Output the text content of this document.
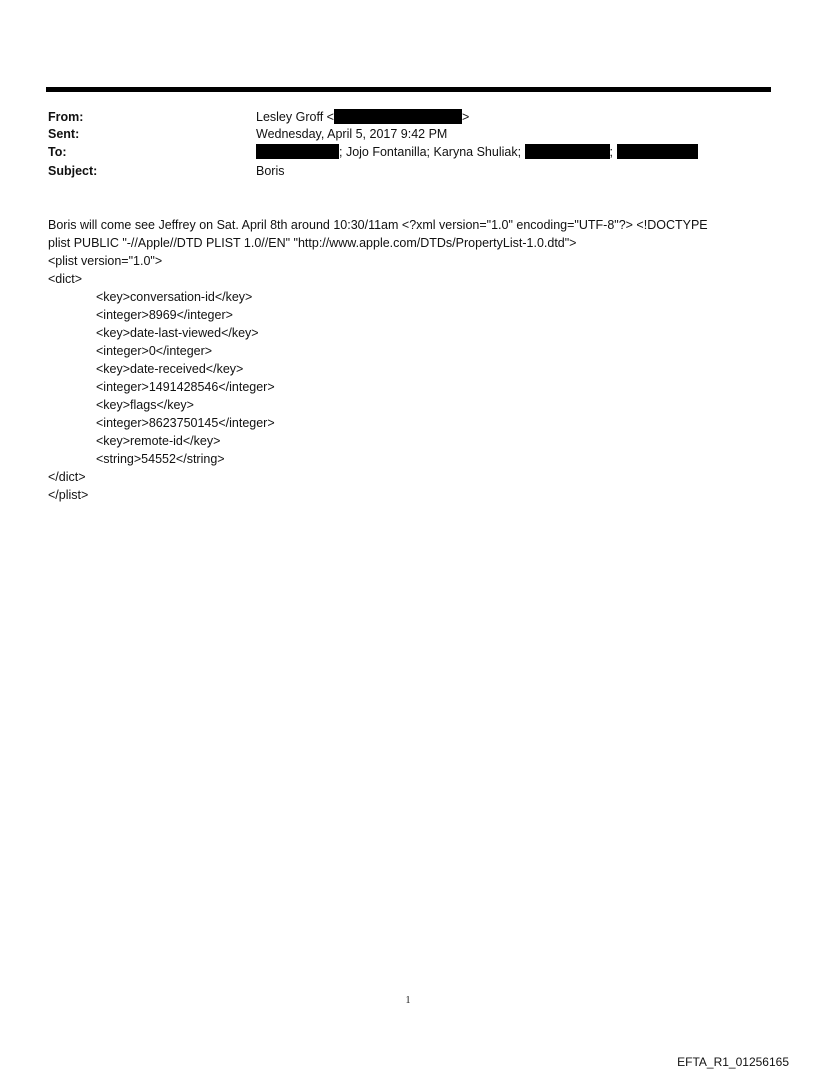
From:	Lesley Groff <	>
Sent:	Wednesday, April 5, 2017 9:42 PM
To:	; Jojo Fontanilla; Karyna Shuliak;	;
Subject:	Boris

Boris will come see Jeffrey on Sat. April 8th around 10:30/11am <?xml version="1.0" encoding="UTF-8"?> <!DOCTYPE

plist PUBLIC "-//Apple//DTD PLIST 1.0//EN" "http://www.apple.com/DTDs/PropertyList-1.0.dtd">

<plist version="1.0">

<dict>

<key>conversation-id</key>

<integer>8969</integer>

<key>date-last-viewed</key>

<integer>0</integer>

<key>date-received</key>

<integer>1491428546</integer>

<key>flags</key>

<integer>8623750145</integer>

<key>remote-id</key>

<string>54552</string>

</dict>

</plist>

1
EFTA_R1_01256165
